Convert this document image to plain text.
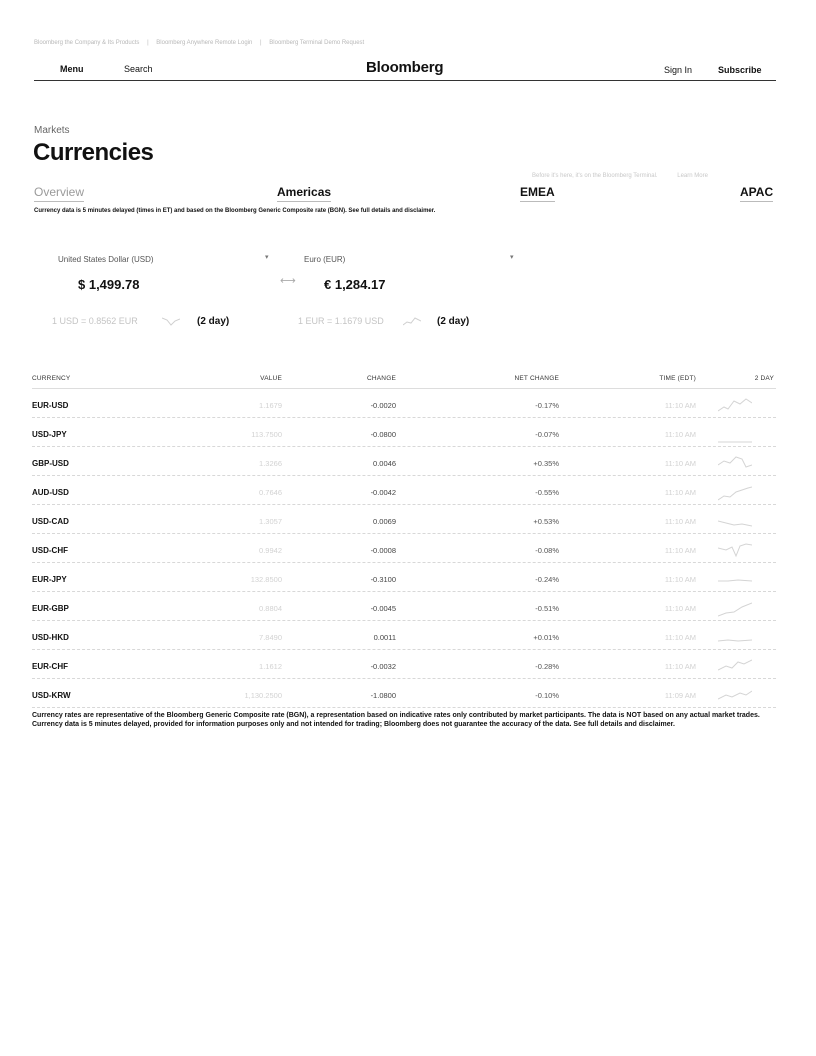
Bloomberg the Company & Its Products | Bloomberg Anywhere Remote Login | Bloomberg Terminal Demo Request
Menu	Search	Bloomberg	Sign In	Subscribe
Markets
Currencies
Before it's here, it's on the Bloomberg Terminal.	Learn More
Overview	Americas	EMEA	APAC
Currency data is 5 minutes delayed (times in ET) and based on the Bloomberg Generic Composite rate (BGN). See full details and disclaimer.
United States Dollar (USD)	▾	Euro (EUR)	▾
$ 1,499.78	⟷ € 1,284.17
1 USD = 0.8562 EUR	(2 day)	1 EUR = 1.1679 USD	(2 day)
CURRENCY	VALUE	CHANGE	NET CHANGE	TIME (EDT)	2 DAY
EUR-USD	1.1679	-0.0020	-0.17%	11:10 AM
USD-JPY	113.7500	-0.0800	-0.07%	11:10 AM
GBP-USD	1.3266	0.0046	+0.35%	11:10 AM
AUD-USD	0.7646	-0.0042	-0.55%	11:10 AM
USD-CAD	1.3057	0.0069	+0.53%	11:10 AM
USD-CHF	0.9942	-0.0008	-0.08%	11:10 AM
EUR-JPY	132.8500	-0.3100	-0.24%	11:10 AM
EUR-GBP	0.8804	-0.0045	-0.51%	11:10 AM
USD-HKD	7.8490	0.0011	+0.01%	11:10 AM
EUR-CHF	1.1612	-0.0032	-0.28%	11:10 AM
USD-KRW	1,130.2500	-1.0800	-0.10%	11:09 AM
Currency rates are representative of the Bloomberg Generic Composite rate (BGN), a representation based on indicative rates only contributed by market participants. The data is NOT based on any actual market trades. Currency data is 5 minutes delayed, provided for information purposes only and not intended for trading; Bloomberg does not guarantee the accuracy of the data. See full details and disclaimer.
